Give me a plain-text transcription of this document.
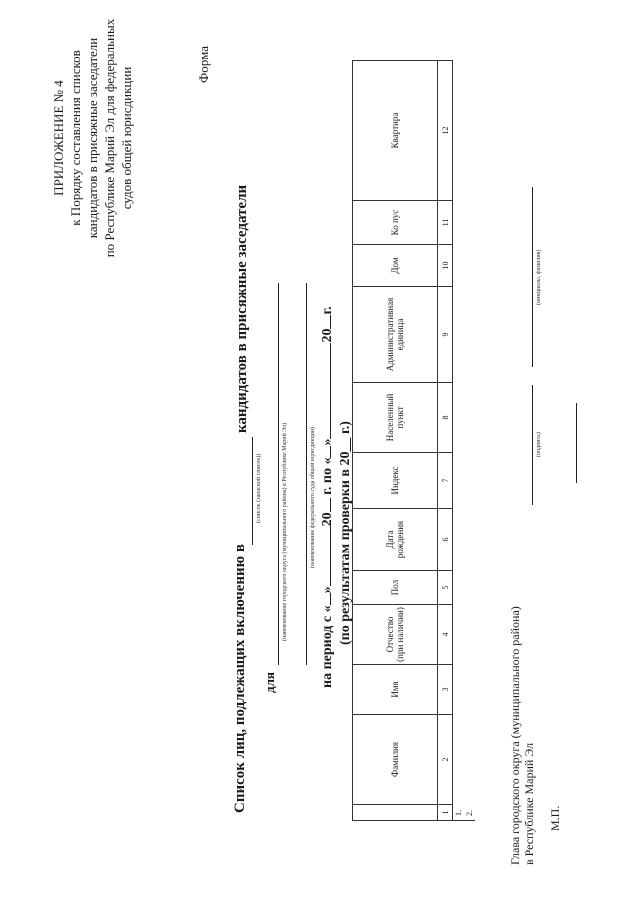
ПРИЛОЖЕНИЕ № 4 к Порядку составления списков кандидатов в присяжные заседатели по Республике Марий Эл для федеральных судов общей юрисдикции
Форма
Список лиц, подлежащих включению в
кандидатов в присяжные заседатели
(список (запасной список))
для
(наименование городского округа (муниципального района) в Республике Марий Эл)	(наименование федерального суда общей юрисдикции)
на период с «»20 г. по «»20г.
(по результатам проверки в 20__ г.)
	Фамилия	Имя	Отчество (при наличии)	Пол	Дата рождения	Индекс	Населенный пункт	Административная единица	Дом	Ко пус	Квартира
1	2	3	4	5	6	7	8	9	10	11	12
1.											
2.												Глава городского округа (муниципального района) в Республике Марий Эл
(подпись)
(инициалы, фамилия)
М.П.
